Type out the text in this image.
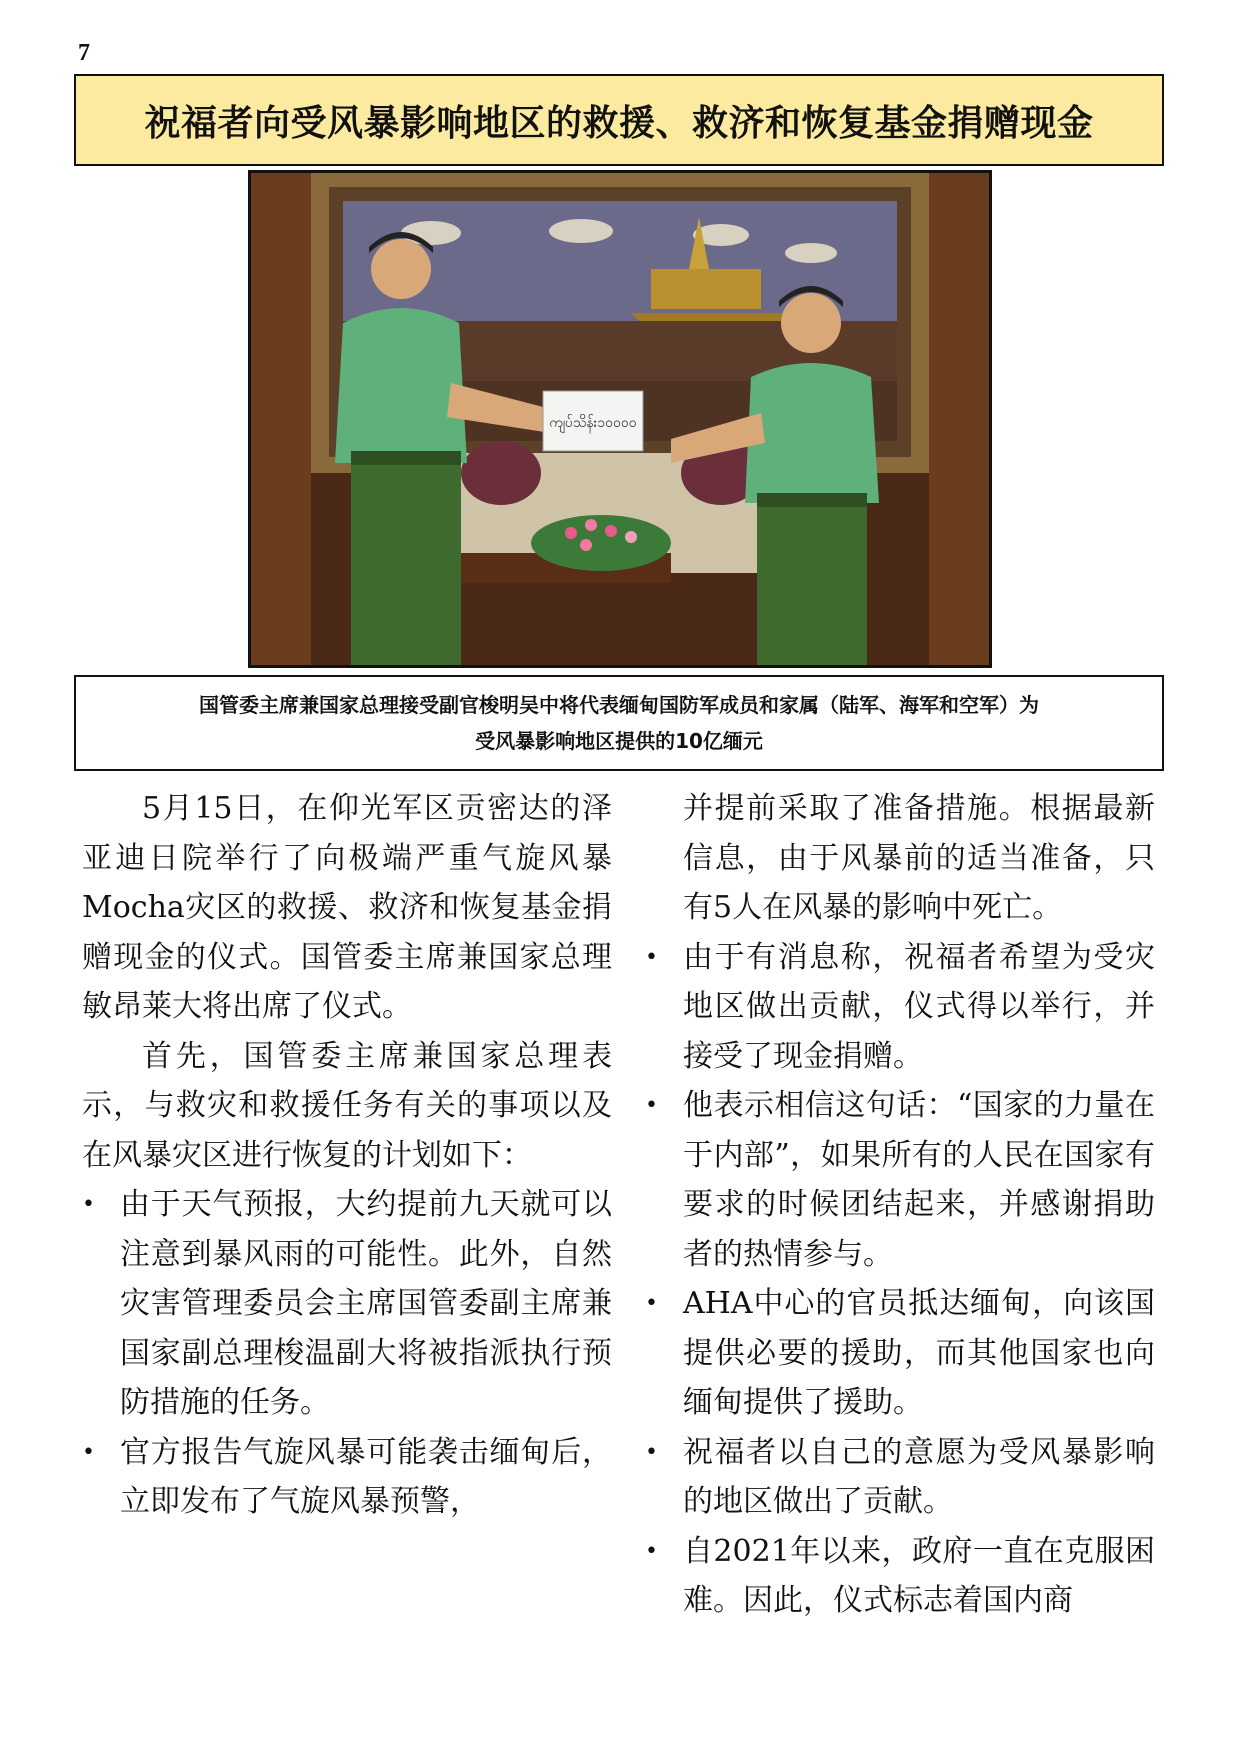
7
祝福者向受风暴影响地区的救援、救济和恢复基金捐赠现金
ကျပ်သိန်း၁၀၀၀၀
国管委主席兼国家总理接受副官梭明吴中将代表缅甸国防军成员和家属（陆军、海军和空军）为
受风暴影响地区提供的10亿缅元

5月15日，在仰光军区贡密达的泽亚迪日院举行了向极端严重气旋风暴Mocha灾区的救援、救济和恢复基金捐赠现金的仪式。国管委主席兼国家总理敏昂莱大将出席了仪式。

首先，国管委主席兼国家总理表示，与救灾和救援任务有关的事项以及在风暴灾区进行恢复的计划如下：

• 由于天气预报，大约提前九天就可以注意到暴风雨的可能性。此外，自然灾害管理委员会主席国管委副主席兼国家副总理梭温副大将被指派执行预防措施的任务。
• 官方报告气旋风暴可能袭击缅甸后，立即发布了气旋风暴预警，

并提前采取了准备措施。根据最新信息，由于风暴前的适当准备，只有5人在风暴的影响中死亡。

• 由于有消息称，祝福者希望为受灾地区做出贡献，仪式得以举行，并接受了现金捐赠。
• 他表示相信这句话：“国家的力量在于内部”，如果所有的人民在国家有要求的时候团结起来，并感谢捐助者的热情参与。
• AHA中心的官员抵达缅甸，向该国提供必要的援助，而其他国家也向缅甸提供了援助。
• 祝福者以自己的意愿为受风暴影响的地区做出了贡献。
• 自2021年以来，政府一直在克服困难。因此，仪式标志着国内商
